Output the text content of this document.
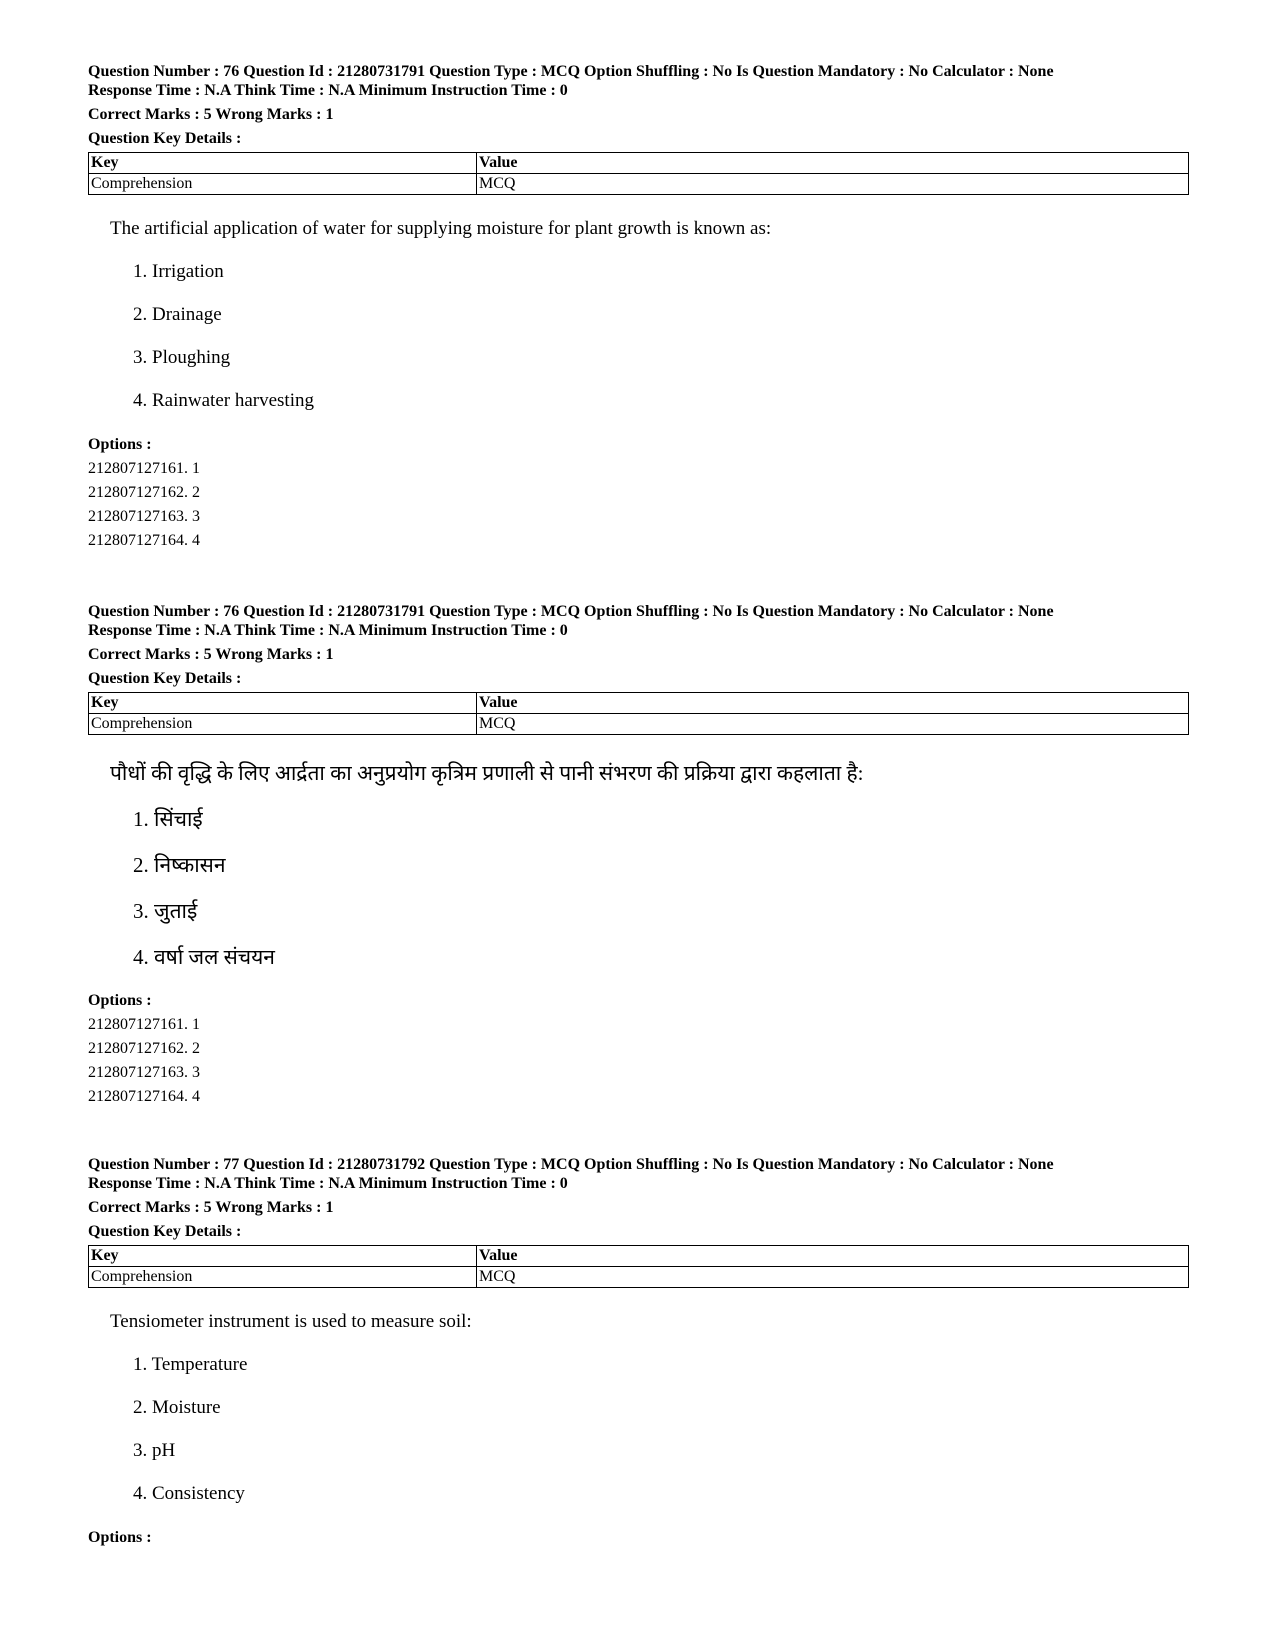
Question Number : 76 Question Id : 21280731791 Question Type : MCQ Option Shuffling : No Is Question Mandatory : No Calculator : None
Response Time : N.A Think Time : N.A Minimum Instruction Time : 0
Correct Marks : 5 Wrong Marks : 1
Question Key Details :
Key	Value
Comprehension	MCQ
The artificial application of water for supplying moisture for plant growth is known as:
1. Irrigation
2. Drainage
3. Ploughing
4. Rainwater harvesting
Options :
212807127161. 1
212807127162. 2
212807127163. 3
212807127164. 4
Question Number : 76 Question Id : 21280731791 Question Type : MCQ Option Shuffling : No Is Question Mandatory : No Calculator : None
Response Time : N.A Think Time : N.A Minimum Instruction Time : 0
Correct Marks : 5 Wrong Marks : 1
Question Key Details :
Key	Value
Comprehension	MCQ
पौधों की वृद्धि के लिए आर्द्रता का अनुप्रयोग कृत्रिम प्रणाली से पानी संभरण की प्रक्रिया द्वारा कहलाता है:
1. सिंचाई
2. निष्कासन
3. जुताई
4. वर्षा जल संचयन
Options :
212807127161. 1
212807127162. 2
212807127163. 3
212807127164. 4
Question Number : 77 Question Id : 21280731792 Question Type : MCQ Option Shuffling : No Is Question Mandatory : No Calculator : None
Response Time : N.A Think Time : N.A Minimum Instruction Time : 0
Correct Marks : 5 Wrong Marks : 1
Question Key Details :
Key	Value
Comprehension	MCQ
Tensiometer instrument is used to measure soil:
1. Temperature
2. Moisture
3. pH
4. Consistency
Options :
